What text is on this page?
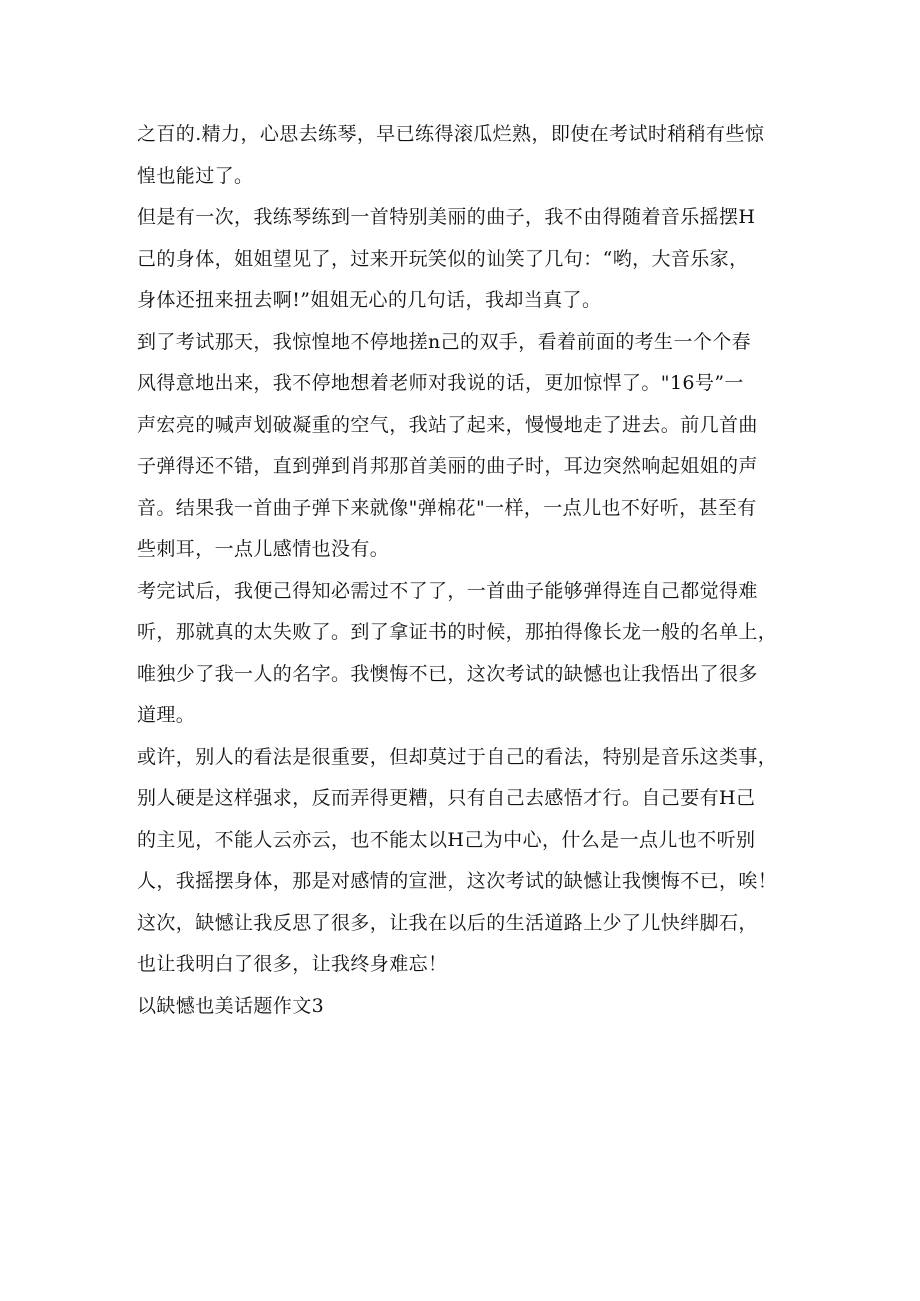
之百的.精力，心思去练琴，早已练得滚瓜烂熟，即使在考试时稍稍有些惊
惶也能过了。
但是有一次，我练琴练到一首特别美丽的曲子，我不由得随着音乐摇摆H
己的身体，姐姐望见了，过来开玩笑似的讪笑了几句：“哟，大音乐家，
身体还扭来扭去啊!”姐姐无心的几句话，我却当真了。
到了考试那天，我惊惶地不停地搓n己的双手，看着前面的考生一个个春
风得意地出来，我不停地想着老师对我说的话，更加惊悍了。"16号”一
声宏亮的喊声划破凝重的空气，我站了起来，慢慢地走了进去。前几首曲
子弹得还不错，直到弹到肖邦那首美丽的曲子时，耳边突然响起姐姐的声
音。结果我一首曲子弹下来就像"弹棉花"一样，一点儿也不好听，甚至有
些刺耳，一点儿感情也没有。
考完试后，我便己得知必需过不了了，一首曲子能够弹得连自己都觉得难
听，那就真的太失败了。到了拿证书的时候，那拍得像长龙一般的名单上，
唯独少了我一人的名字。我懊悔不已，这次考试的缺憾也让我悟出了很多
道理。
或许，别人的看法是很重要，但却莫过于自己的看法，特别是音乐这类事，
别人硬是这样强求，反而弄得更糟，只有自己去感悟才行。自己要有H己
的主见，不能人云亦云，也不能太以H己为中心，什么是一点儿也不听别
人，我摇摆身体，那是对感情的宣泄，这次考试的缺憾让我懊悔不已，唉！
这次，缺憾让我反思了很多，让我在以后的生活道路上少了儿快绊脚石，
也让我明白了很多，让我终身难忘！
以缺憾也美话题作文3
